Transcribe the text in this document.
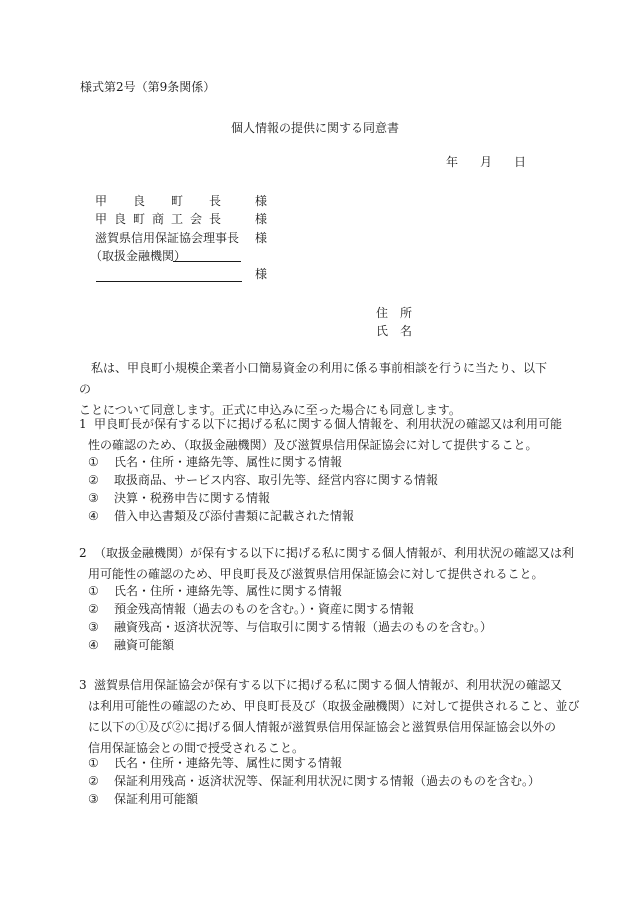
様式第2号（第9条関係）
個人情報の提供に関する同意書
年 月 日
甲良町長 様
甲良町商工会長 様
滋賀県信用保証協会理事長 様
（取扱金融機関）
様
住　所
氏　名

私は、甲良町小規模企業者小口簡易資金の利用に係る事前相談を行うに当たり、以下の

ことについて同意します。正式に申込みに至った場合にも同意します。

1 甲良町長が保有する以下に掲げる私に関する個人情報を、利用状況の確認又は利用可能
性の確認のため、（取扱金融機関）及び滋賀県信用保証協会に対して提供すること。
① 氏名・住所・連絡先等、属性に関する情報
② 取扱商品、サービス内容、取引先等、経営内容に関する情報
③ 決算・税務申告に関する情報
④ 借入申込書類及び添付書類に記載された情報
2 （取扱金融機関）が保有する以下に掲げる私に関する個人情報が、利用状況の確認又は利
用可能性の確認のため、甲良町長及び滋賀県信用保証協会に対して提供されること。
① 氏名・住所・連絡先等、属性に関する情報
② 預金残高情報（過去のものを含む。）・資産に関する情報
③ 融資残高・返済状況等、与信取引に関する情報（過去のものを含む。）
④ 融資可能額
3 滋賀県信用保証協会が保有する以下に掲げる私に関する個人情報が、利用状況の確認又
は利用可能性の確認のため、甲良町長及び（取扱金融機関）に対して提供されること、並び
に以下の①及び②に掲げる個人情報が滋賀県信用保証協会と滋賀県信用保証協会以外の
信用保証協会との間で授受されること。
① 氏名・住所・連絡先等、属性に関する情報
② 保証利用残高・返済状況等、保証利用状況に関する情報（過去のものを含む。）
③ 保証利用可能額
